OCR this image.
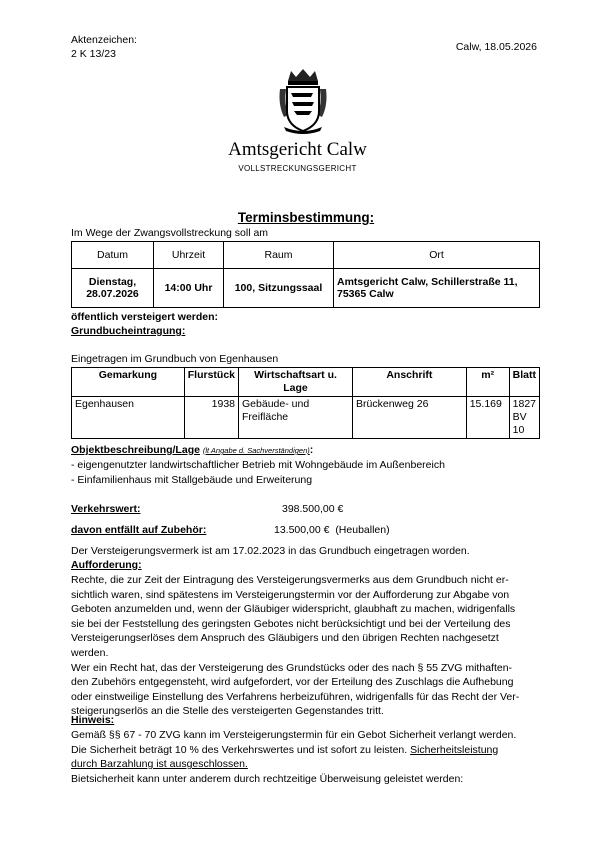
Aktenzeichen:
2 K 13/23
Calw, 18.05.2026
Amtsgericht Calw
VOLLSTRECKUNGSGERICHT
Terminsbestimmung:
Im Wege der Zwangsvollstreckung soll am
Datum	Uhrzeit	Raum	Ort

Dienstag,
28.07.2026	14:00 Uhr	100, Sitzungssaal	Amtsgericht Calw, Schillerstraße 11, 75365 Calw
öffentlich versteigert werden:
Grundbucheintragung:
Eingetragen im Grundbuch von Egenhausen
Gemarkung	Flurstück	Wirtschaftsart u. Lage	Anschrift	m²	Blatt
Egenhausen	1938	Gebäude- und Freifläche	Brückenweg 26	15.169	1827 BV 10
Objektbeschreibung/Lage (lt Angabe d. Sachverständigen):
- eigengenutzter landwirtschaftlicher Betrieb mit Wohngebäude im Außenbereich
- Einfamilienhaus mit Stallgebäude und Erweiterung
Verkehrswert:	398.500,00 €
davon entfällt auf Zubehör:	13.500,00 € (Heuballen)
Der Versteigerungsvermerk ist am 17.02.2023 in das Grundbuch eingetragen worden.
Aufforderung:
Rechte, die zur Zeit der Eintragung des Versteigerungsvermerks aus dem Grundbuch nicht er-
sichtlich waren, sind spätestens im Versteigerungstermin vor der Aufforderung zur Abgabe von
Geboten anzumelden und, wenn der Gläubiger widerspricht, glaubhaft zu machen, widrigenfalls
sie bei der Feststellung des geringsten Gebotes nicht berücksichtigt und bei der Verteilung des
Versteigerungserlöses dem Anspruch des Gläubigers und den übrigen Rechten nachgesetzt
werden.
Wer ein Recht hat, das der Versteigerung des Grundstücks oder des nach § 55 ZVG mithaften-
den Zubehörs entgegensteht, wird aufgefordert, vor der Erteilung des Zuschlags die Aufhebung
oder einstweilige Einstellung des Verfahrens herbeizuführen, widrigenfalls für das Recht der Ver-
steigerungserlös an die Stelle des versteigerten Gegenstandes tritt.
Hinweis:
Gemäß §§ 67 - 70 ZVG kann im Versteigerungstermin für ein Gebot Sicherheit verlangt werden.
Die Sicherheit beträgt 10 % des Verkehrswertes und ist sofort zu leisten. Sicherheitsleistung
durch Barzahlung ist ausgeschlossen.
Bietsicherheit kann unter anderem durch rechtzeitige Überweisung geleistet werden:
